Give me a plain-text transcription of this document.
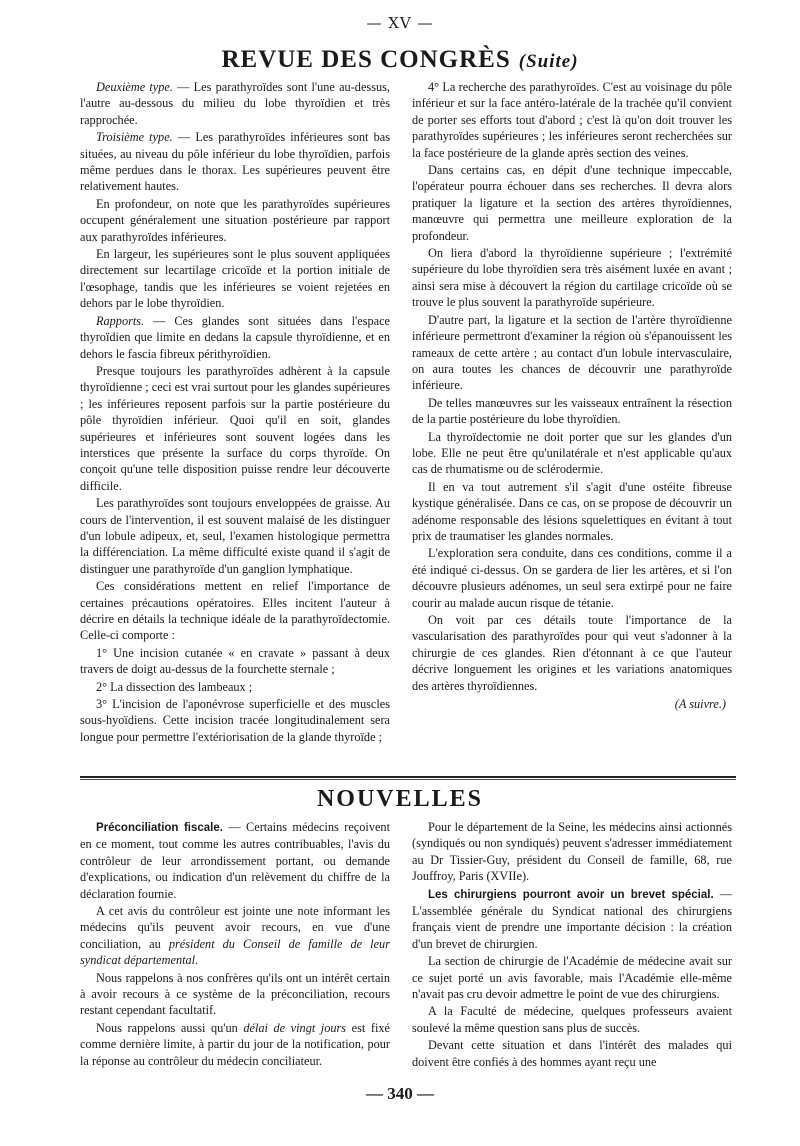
— XV —
REVUE DES CONGRÈS (Suite)

Deuxième type. — Les parathyroïdes sont l'une au-dessus, l'autre au-dessous du milieu du lobe thyroïdien et très rapprochée.

Troisième type. — Les parathyroïdes inférieures sont bas situées, au niveau du pôle inférieur du lobe thyroïdien, parfois même perdues dans le thorax. Les supérieures peuvent être relativement hautes.

En profondeur, on note que les parathyroïdes supérieures occupent généralement une situation postérieure par rapport aux parathyroïdes inférieures.

En largeur, les supérieures sont le plus souvent appliquées directement sur lecartilage cricoïde et la portion initiale de l'œsophage, tandis que les inférieures se voient rejetées en dehors par le lobe thyroïdien.

Rapports. — Ces glandes sont situées dans l'espace thyroïdien que limite en dedans la capsule thyroïdienne, et en dehors le fascia fibreux périthyroïdien.

Presque toujours les parathyroïdes adhèrent à la capsule thyroïdienne ; ceci est vrai surtout pour les glandes supérieures ; les inférieures reposent parfois sur la partie postérieure du pôle thyroïdien inférieur. Quoi qu'il en soit, glandes supérieures et inférieures sont souvent logées dans les interstices que présente la surface du corps thyroïde. On conçoit qu'une telle disposition puisse rendre leur découverte difficile.

Les parathyroïdes sont toujours enveloppées de graisse. Au cours de l'intervention, il est souvent malaisé de les distinguer d'un lobule adipeux, et, seul, l'examen histologique permettra la différenciation. La même difficulté existe quand il s'agit de distinguer une parathyroïde d'un ganglion lymphatique.

Ces considérations mettent en relief l'importance de certaines précautions opératoires. Elles incitent l'auteur à décrire en détails la technique idéale de la parathyroïdectomie. Celle-ci comporte :

1° Une incision cutanée « en cravate » passant à deux travers de doigt au-dessus de la fourchette sternale ;

2° La dissection des lambeaux ;

3° L'incision de l'aponévrose superficielle et des muscles sous-hyoïdiens. Cette incision tracée longitudinalement sera longue pour permettre l'extériorisation de la glande thyroïde ;

4° La recherche des parathyroïdes. C'est au voisinage du pôle inférieur et sur la face antéro-latérale de la trachée qu'il convient de porter ses efforts tout d'abord ; c'est là qu'on doit trouver les parathyroïdes supérieures ; les inférieures seront recherchées sur la face postérieure de la glande après section des veines.

Dans certains cas, en dépit d'une technique impeccable, l'opérateur pourra échouer dans ses recherches. Il devra alors pratiquer la ligature et la section des artères thyroïdiennes, manœuvre qui permettra une meilleure exploration de la profondeur.

On liera d'abord la thyroïdienne supérieure ; l'extrémité supérieure du lobe thyroïdien sera très aisément luxée en avant ; ainsi sera mise à découvert la région du cartilage cricoïde où se trouve le plus souvent la parathyroïde supérieure.

D'autre part, la ligature et la section de l'artère thyroïdienne inférieure permettront d'examiner la région où s'épanouissent les rameaux de cette artère ; au contact d'un lobule intervasculaire, on aura toutes les chances de découvrir une parathyroïde inférieure.

De telles manœuvres sur les vaisseaux entraînent la résection de la partie postérieure du lobe thyroïdien.

La thyroïdectomie ne doit porter que sur les glandes d'un lobe. Elle ne peut être qu'unilatérale et n'est applicable qu'aux cas de rhumatisme ou de sclérodermie.

Il en va tout autrement s'il s'agit d'une ostéite fibreuse kystique généralisée. Dans ce cas, on se propose de découvrir un adénome responsable des lésions squelettiques en évitant à tout prix de traumatiser les glandes normales.

L'exploration sera conduite, dans ces conditions, comme il a été indiqué ci-dessus. On se gardera de lier les artères, et si l'on découvre plusieurs adénomes, un seul sera extirpé pour ne faire courir au malade aucun risque de tétanie.

On voit par ces détails toute l'importance de la vascularisation des parathyroïdes pour qui veut s'adonner à la chirurgie de ces glandes. Rien d'étonnant à ce que l'auteur décrive longuement les origines et les variations anatomiques des artères thyroïdiennes.

(A suivre.)
NOUVELLES

Préconciliation fiscale. — Certains médecins reçoivent en ce moment, tout comme les autres contribuables, l'avis du contrôleur de leur arrondissement portant, ou demande d'explications, ou indication d'un relèvement du chiffre de la déclaration fournie.

A cet avis du contrôleur est jointe une note informant les médecins qu'ils peuvent avoir recours, en vue d'une conciliation, au président du Conseil de famille de leur syndicat départemental.

Nous rappelons à nos confrères qu'ils ont un intérêt certain à avoir recours à ce système de la préconciliation, recours restant cependant facultatif.

Nous rappelons aussi qu'un délai de vingt jours est fixé comme dernière limite, à partir du jour de la notification, pour la réponse au contrôleur du médecin conciliateur.

Pour le département de la Seine, les médecins ainsi actionnés (syndiqués ou non syndiqués) peuvent s'adresser immédiatement au Dr Tissier-Guy, président du Conseil de famille, 68, rue Jouffroy, Paris (XVIIe).

Les chirurgiens pourront avoir un brevet spécial. — L'assemblée générale du Syndicat national des chirurgiens français vient de prendre une importante décision : la création d'un brevet de chirurgien.

La section de chirurgie de l'Académie de médecine avait sur ce sujet porté un avis favorable, mais l'Académie elle-même n'avait pas cru devoir admettre le point de vue des chirurgiens.

A la Faculté de médecine, quelques professeurs avaient soulevé la même question sans plus de succès.

Devant cette situation et dans l'intérêt des malades qui doivent être confiés à des hommes ayant reçu une

— 340 —
